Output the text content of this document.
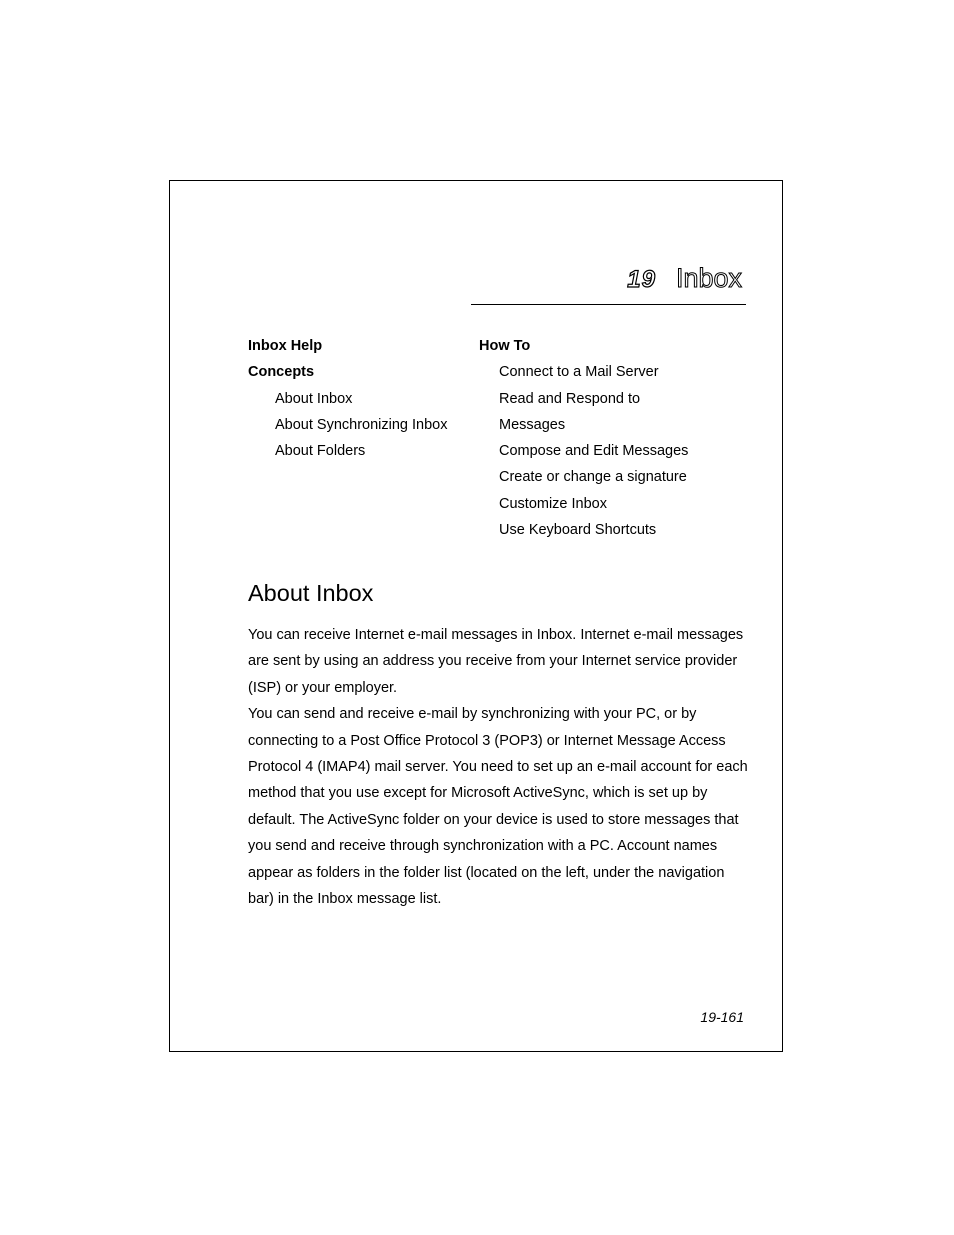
19 Inbox
Inbox Help
Concepts
About Inbox
About Synchronizing Inbox
About Folders
How To
Connect to a Mail Server
Read and Respond to
Messages
Compose and Edit Messages
Create or change a signature
Customize Inbox
Use Keyboard Shortcuts
About Inbox

You can receive Internet e-mail messages in Inbox. Internet e-mail messages are sent by using an address you receive from your Internet service provider (ISP) or your employer.

You can send and receive e-mail by synchronizing with your PC, or by connecting to a Post Office Protocol 3 (POP3) or Internet Message Access Protocol 4 (IMAP4) mail server. You need to set up an e-mail account for each method that you use except for Microsoft ActiveSync, which is set up by default. The ActiveSync folder on your device is used to store messages that you send and receive through synchronization with a PC. Account names appear as folders in the folder list (located on the left, under the navigation bar) in the Inbox message list.

19-161
